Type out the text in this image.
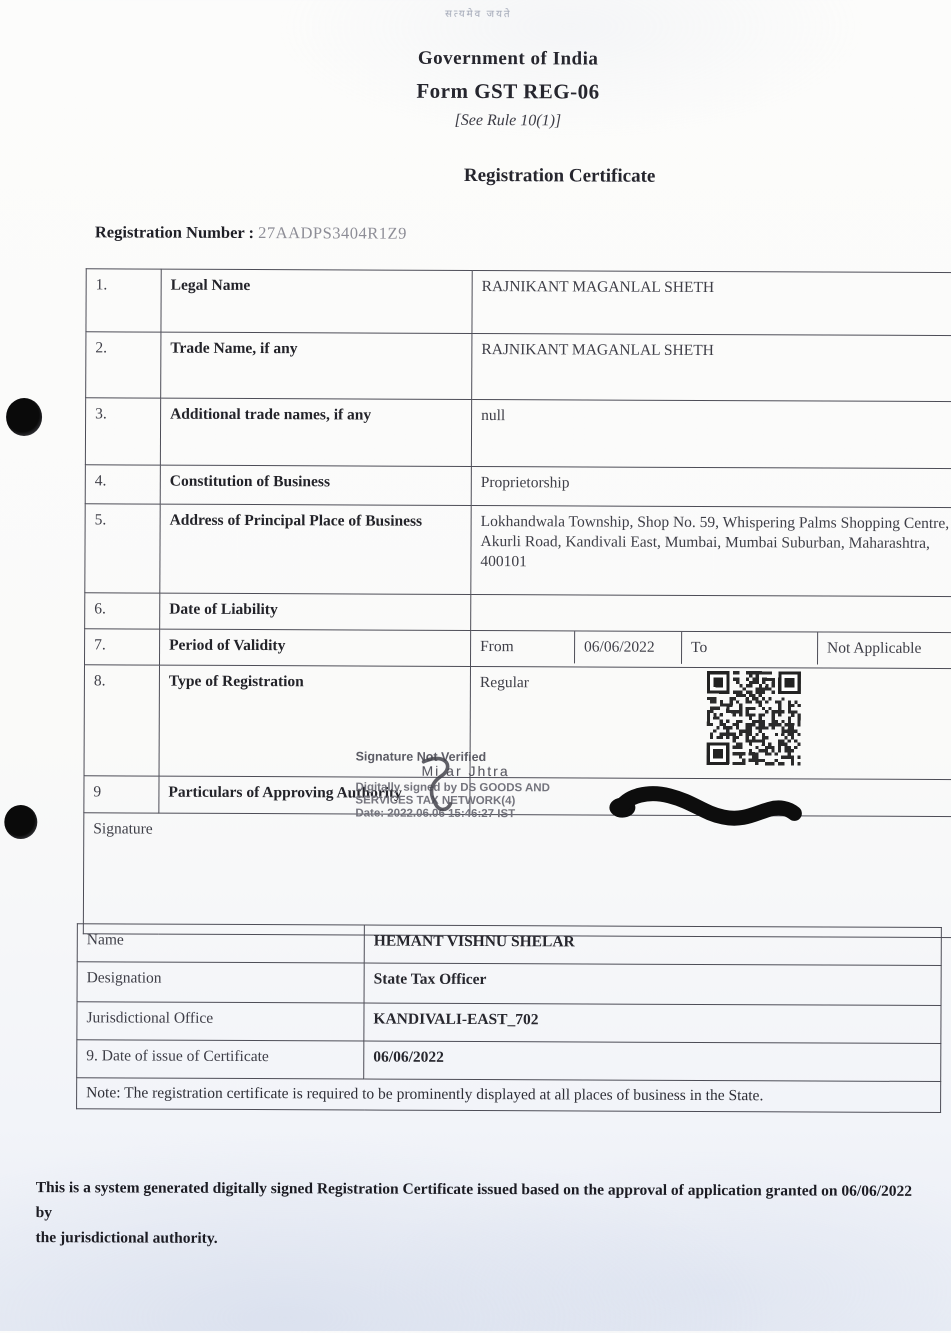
सत्यमेव जयते
Government of India
Form GST REG-06
[See Rule 10(1)]
Registration Certificate
Registration Number : 27AADPS3404R1Z9
1.	Legal Name	RAJNIKANT MAGANLAL SHETH
2.	Trade Name, if any	RAJNIKANT MAGANLAL SHETH
3.	Additional trade names, if any	null
4.	Constitution of Business	Proprietorship
5.	Address of Principal Place of Business	Lokhandwala Township, Shop No. 59, Whispering Palms Shopping Centre, Akurli Road, Kandivali East, Mumbai, Mumbai Suburban, Maharashtra, 400101
6.	Date of Liability	
7.	Period of Validity	From 06/06/2022 To Not Applicable

8.	Type of Registration	Regular

9	Particulars of Approving Authority	
Signature		
Signature Not Verified
Mi ar Jhtra
Digitally signed by DS GOODS AND
SERVICES TAX NETWORK(4)
Date: 2022.06.06 15:46:27 IST
Name	HEMANT VISHNU SHELAR
Designation	State Tax Officer
Jurisdictional Office	KANDIVALI-EAST_702
9. Date of issue of Certificate	06/06/2022
Note: The registration certificate is required to be prominently displayed at all places of business in the State.	
This is a system generated digitally signed Registration Certificate issued based on the approval of application granted on 06/06/2022 by
the jurisdictional authority.
